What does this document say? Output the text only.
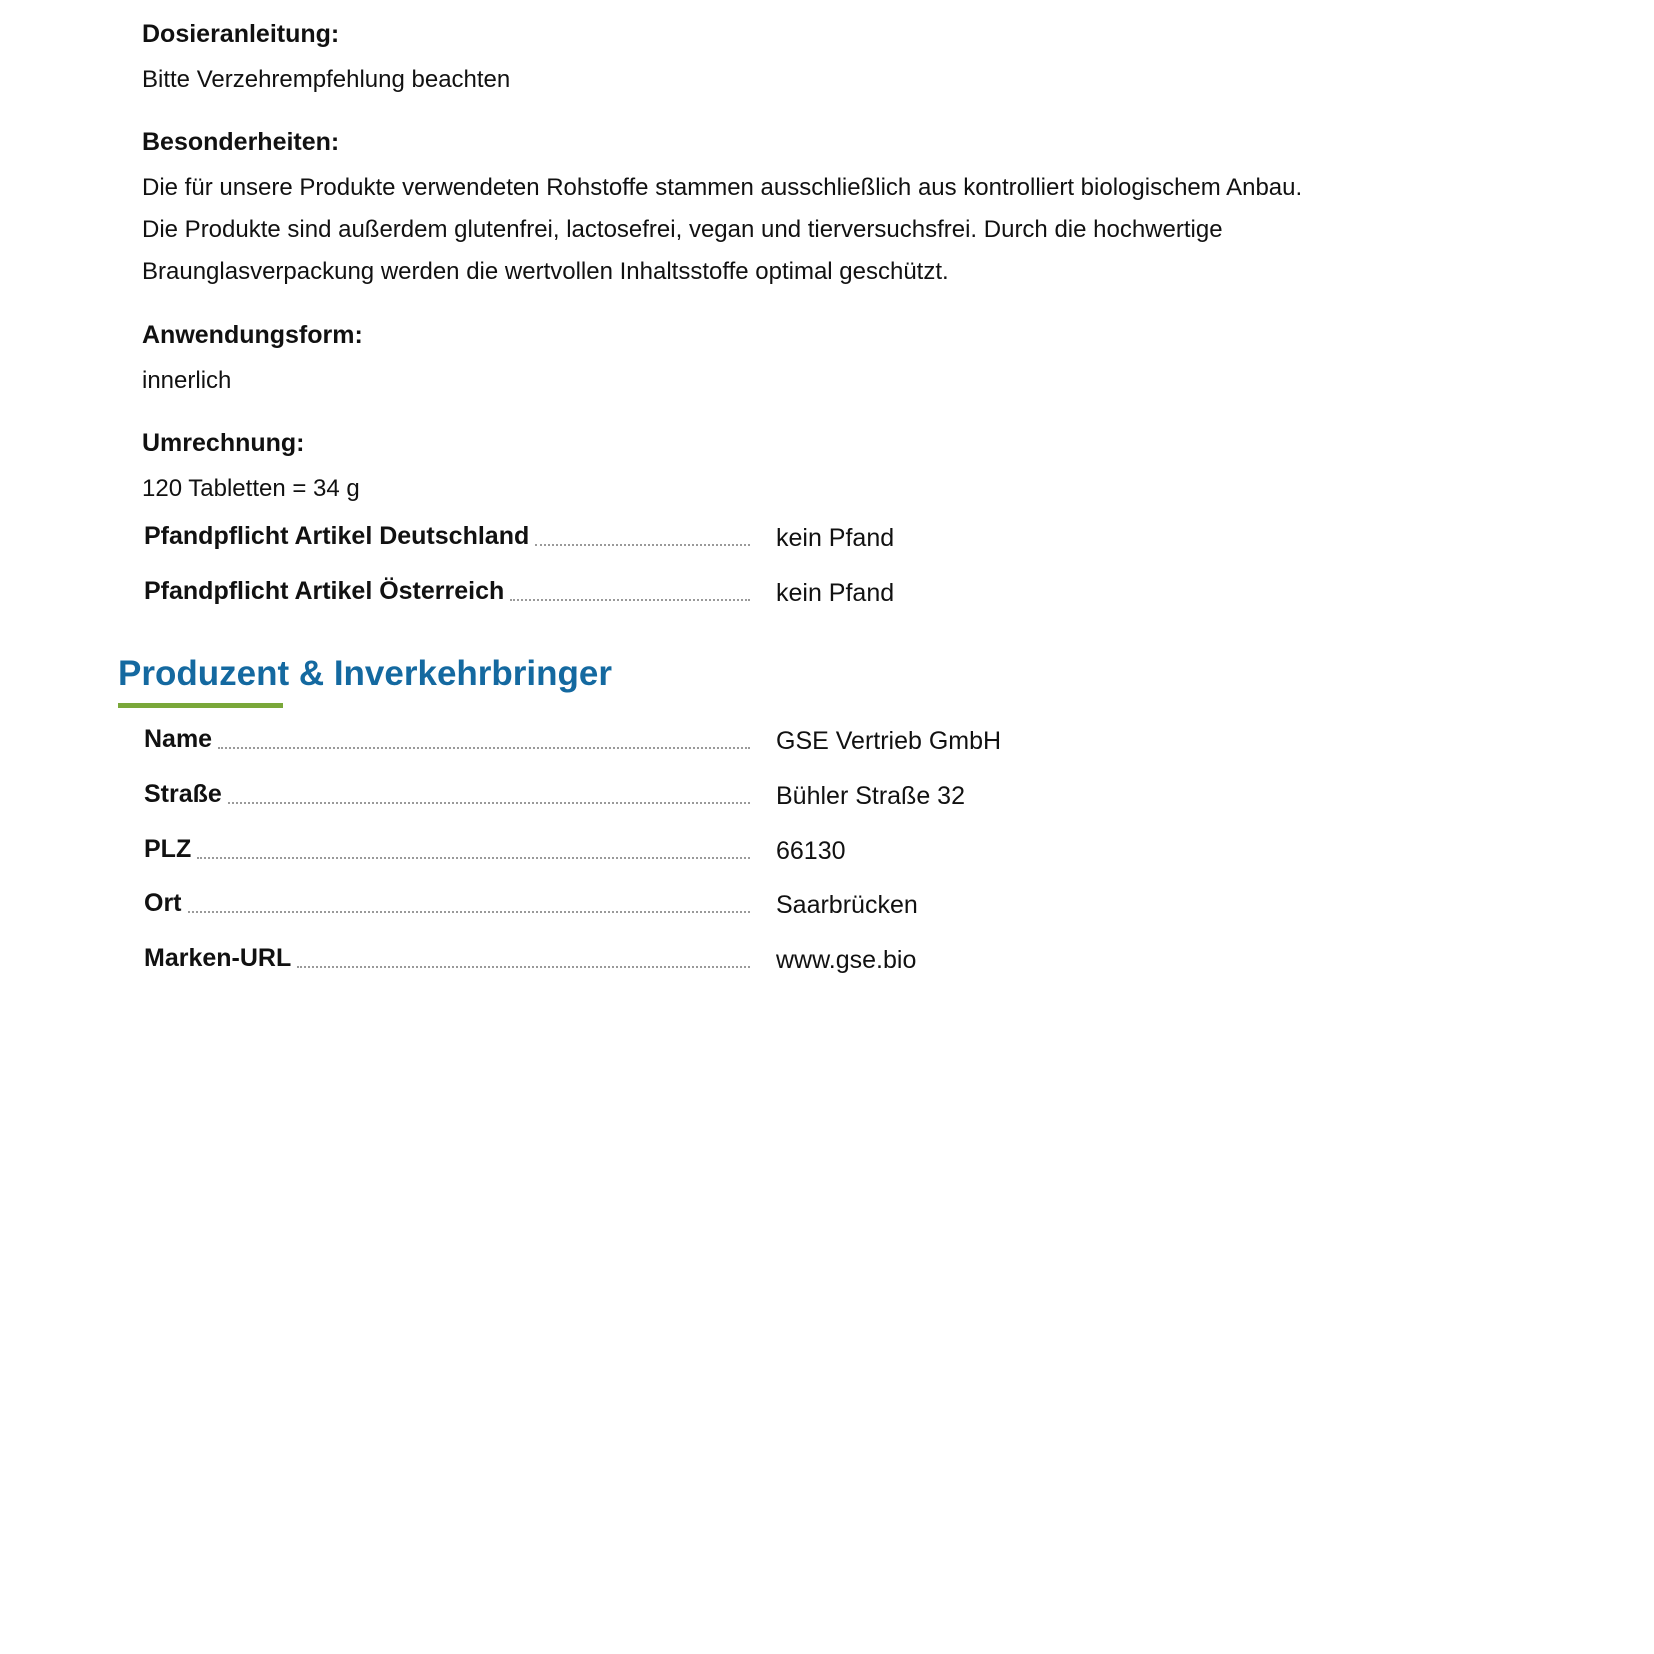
Dosieranleitung:
Bitte Verzehrempfehlung beachten
Besonderheiten:
Die für unsere Produkte verwendeten Rohstoffe stammen ausschließlich aus kontrolliert biologischem Anbau.
Die Produkte sind außerdem glutenfrei, lactosefrei, vegan und tierversuchsfrei. Durch die hochwertige
Braunglasverpackung werden die wertvollen Inhaltsstoffe optimal geschützt.
Anwendungsform:
innerlich
Umrechnung:
120 Tabletten = 34 g
Pfandpflicht Artikel Deutschland	kein Pfand
Pfandpflicht Artikel Österreich	kein Pfand
Produzent & Inverkehrbringer
Name	GSE Vertrieb GmbH
Straße	Bühler Straße 32
PLZ	66130
Ort	Saarbrücken
Marken-URL	www.gse.bio
